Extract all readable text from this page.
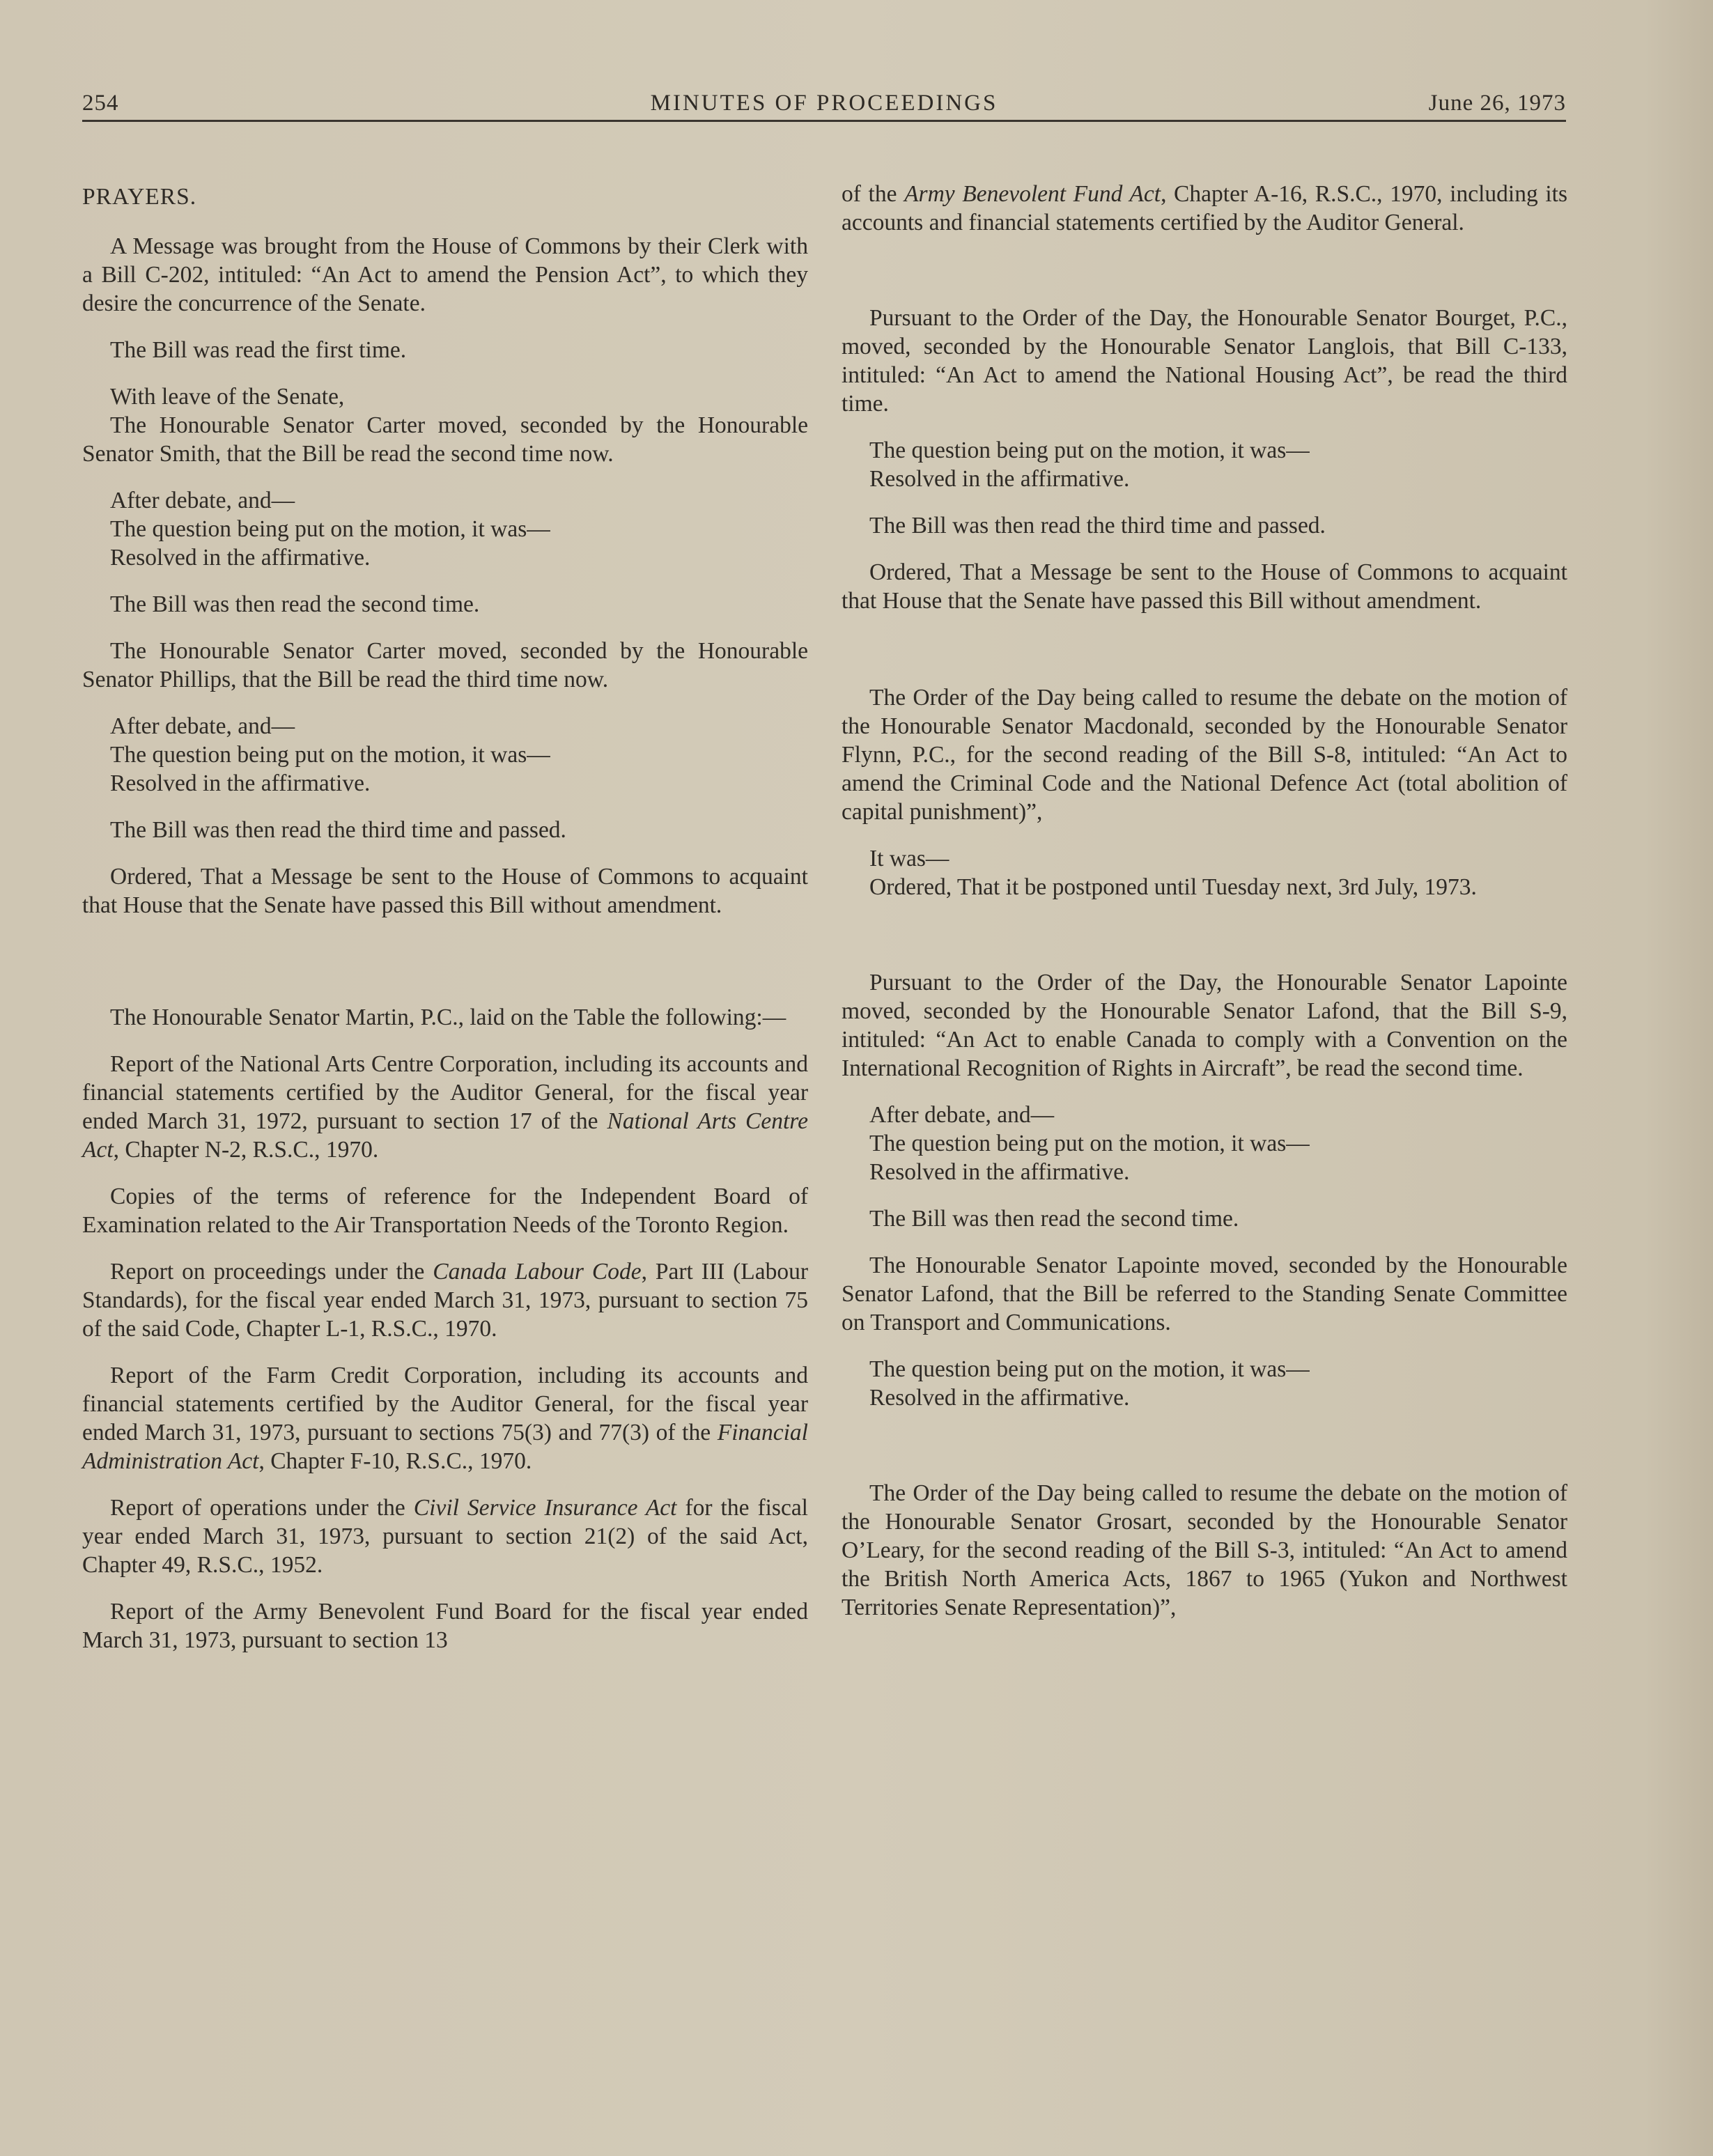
254	MINUTES OF PROCEEDINGS	June 26, 1973

PRAYERS.

A Message was brought from the House of Commons by their Clerk with a Bill C-202, intituled: “An Act to amend the Pension Act”, to which they desire the concurrence of the Senate.

The Bill was read the first time.

With leave of the Senate,
The Honourable Senator Carter moved, seconded by the Honourable Senator Smith, that the Bill be read the second time now.

After debate, and—
The question being put on the motion, it was—
Resolved in the affirmative.

The Bill was then read the second time.

The Honourable Senator Carter moved, seconded by the Honourable Senator Phillips, that the Bill be read the third time now.

After debate, and—
The question being put on the motion, it was—
Resolved in the affirmative.

The Bill was then read the third time and passed.

Ordered, That a Message be sent to the House of Commons to acquaint that House that the Senate have passed this Bill without amendment.

The Honourable Senator Martin, P.C., laid on the Table the following:—

Report of the National Arts Centre Corporation, including its accounts and financial statements certified by the Auditor General, for the fiscal year ended March 31, 1972, pursuant to section 17 of the National Arts Centre Act, Chapter N-2, R.S.C., 1970.

Copies of the terms of reference for the Independent Board of Examination related to the Air Transportation Needs of the Toronto Region.

Report on proceedings under the Canada Labour Code, Part III (Labour Standards), for the fiscal year ended March 31, 1973, pursuant to section 75 of the said Code, Chapter L-1, R.S.C., 1970.

Report of the Farm Credit Corporation, including its accounts and financial statements certified by the Auditor General, for the fiscal year ended March 31, 1973, pursuant to sections 75(3) and 77(3) of the Financial Administration Act, Chapter F-10, R.S.C., 1970.

Report of operations under the Civil Service Insurance Act for the fiscal year ended March 31, 1973, pursuant to section 21(2) of the said Act, Chapter 49, R.S.C., 1952.

Report of the Army Benevolent Fund Board for the fiscal year ended March 31, 1973, pursuant to section 13

of the Army Benevolent Fund Act, Chapter A-16, R.S.C., 1970, including its accounts and financial statements certified by the Auditor General.

Pursuant to the Order of the Day, the Honourable Senator Bourget, P.C., moved, seconded by the Honourable Senator Langlois, that Bill C-133, intituled: “An Act to amend the National Housing Act”, be read the third time.

The question being put on the motion, it was—
Resolved in the affirmative.

The Bill was then read the third time and passed.

Ordered, That a Message be sent to the House of Commons to acquaint that House that the Senate have passed this Bill without amendment.

The Order of the Day being called to resume the debate on the motion of the Honourable Senator Macdonald, seconded by the Honourable Senator Flynn, P.C., for the second reading of the Bill S-8, intituled: “An Act to amend the Criminal Code and the National Defence Act (total abolition of capital punishment)”,

It was—
Ordered, That it be postponed until Tuesday next, 3rd July, 1973.

Pursuant to the Order of the Day, the Honourable Senator Lapointe moved, seconded by the Honourable Senator Lafond, that the Bill S-9, intituled: “An Act to enable Canada to comply with a Convention on the International Recognition of Rights in Aircraft”, be read the second time.

After debate, and—
The question being put on the motion, it was—
Resolved in the affirmative.

The Bill was then read the second time.

The Honourable Senator Lapointe moved, seconded by the Honourable Senator Lafond, that the Bill be referred to the Standing Senate Committee on Transport and Communications.

The question being put on the motion, it was—
Resolved in the affirmative.

The Order of the Day being called to resume the debate on the motion of the Honourable Senator Grosart, seconded by the Honourable Senator O’Leary, for the second reading of the Bill S-3, intituled: “An Act to amend the British North America Acts, 1867 to 1965 (Yukon and Northwest Territories Senate Representation)”,
